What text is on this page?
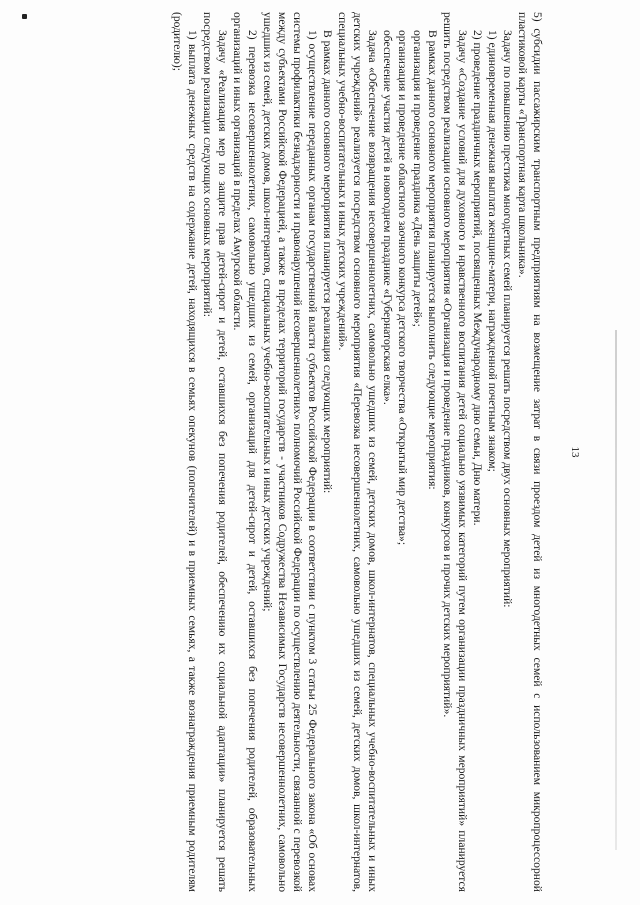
13

5) субсидии пассажирским транспортным предприятиям на возмещение затрат в связи проездом детей из многодетных семей с использованием микропроцессорной пластиковой карты «Транспортная карта школьника».

Задачу по повышению престижа многодетных семей планируется решать посредством двух основных мероприятий:

1) единовременная денежная выплата женщине-матери, награжденной почетным знаком;

2) проведение праздничных мероприятий, посвященных Международному дню семьи, Дню матери.

Задачу «Создание условий для духовного и нравственного воспитания детей социально уязвимых категорий путем организации праздничных мероприятий» планируется решить посредством реализации основного мероприятия «Организация и проведение праздников, конкурсов и прочих детских мероприятий».

В рамках данного основного мероприятия планируется выполнить следующие мероприятия:

организация и проведение праздника «День защиты детей»;

организация и проведение областного заочного конкурса детского творчества «Открытый мир детства»;

обеспечение участия детей в новогоднем празднике «Губернаторская елка».

Задача «Обеспечение возвращения несовершеннолетних, самовольно ушедших из семей, детских домов, школ-интернатов, специальных учебно-воспитательных и иных детских учреждений» реализуется посредством основного мероприятия «Перевозка несовершеннолетних, самовольно ушедших из семей, детских домов, школ-интернатов, специальных учебно-воспитательных и иных детских учреждений».

В рамках данного основного мероприятия планируется реализация следующих мероприятий:

1) осуществление переданных органам государственной власти субъектов Российской Федерации в соответствии с пунктом 3 статьи 25 Федерального закона «Об основах системы профилактики безнадзорности и правонарушений несовершеннолетних» полномочий Российской Федерации по осуществлению деятельности, связанной с перевозкой между субъектами Российской Федерацией, а также в пределах территорий государств - участников Содружества Независимых Государств несовершеннолетних, самовольно ушедших из семей, детских домов, школ-интернатов, специальных учебно-воспитательных и иных детских учреждений;

2) перевозка несовершеннолетних, самовольно ушедших из семей, организаций для детей-сирот и детей, оставшихся без попечения родителей, образовательных организаций и иных организаций в пределах Амурской области.

Задачу «Реализация мер по защите прав детей-сирот и детей, оставшихся без попечения родителей, обеспечению их социальной адаптации» планируется решать посредством реализации следующих основных мероприятий:

1) выплата денежных средств на содержание детей, находящихся в семьях опекунов (попечителей) и в приемных семьях, а также вознаграждения приемным родителям (родителю);
